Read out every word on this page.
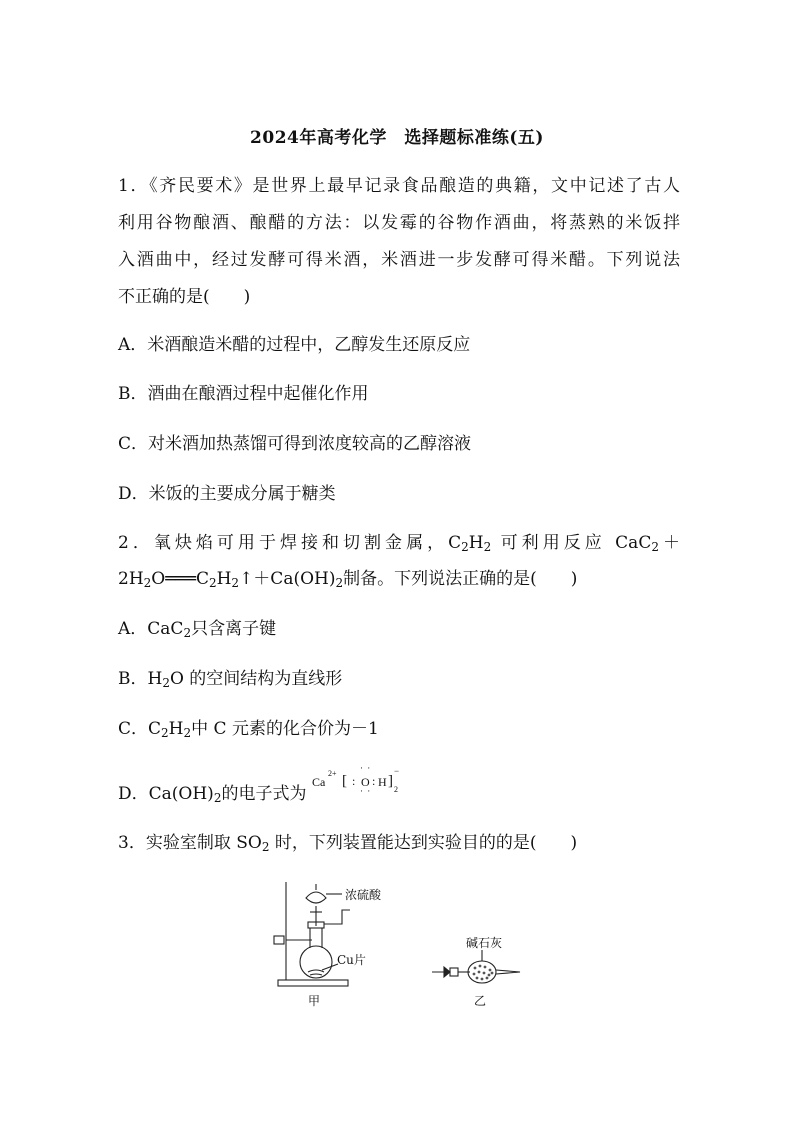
2024年高考化学　选择题标准练(五)
1．《齐民要术》是世界上最早记录食品酿造的典籍，文中记述了古人
利用谷物酿酒、酿醋的方法：以发霉的谷物作酒曲，将蒸熟的米饭拌
入酒曲中，经过发酵可得米酒，米酒进一步发酵可得米醋。下列说法
不正确的是(　　)
A．米酒酿造米醋的过程中，乙醇发生还原反应
B．酒曲在酿酒过程中起催化作用
C．对米酒加热蒸馏可得到浓度较高的乙醇溶液
D．米饭的主要成分属于糖类
2．氧炔焰可用于焊接和切割金属，$C_2H_2$ 可利用反应 CaC$_2$＋
$2H_2O═══C_2H_2↑+Ca(OH)_2$制备。下列说法正确的是(　　)
A．CaC$_2$只含离子键
B．$H_2O$ 的空间结构为直线形
C．$C_2H_2$中 C 元素的化合价为－1
D．$Ca(OH)_2$的电子式为
Ca
2+ [ :
· ·
O
· ·
: H ]
−
2
3．实验室制取 $SO_2$ 时，下列装置能达到实验目的的是(　　)
浓硫酸
Cu片
甲
碱石灰
乙
